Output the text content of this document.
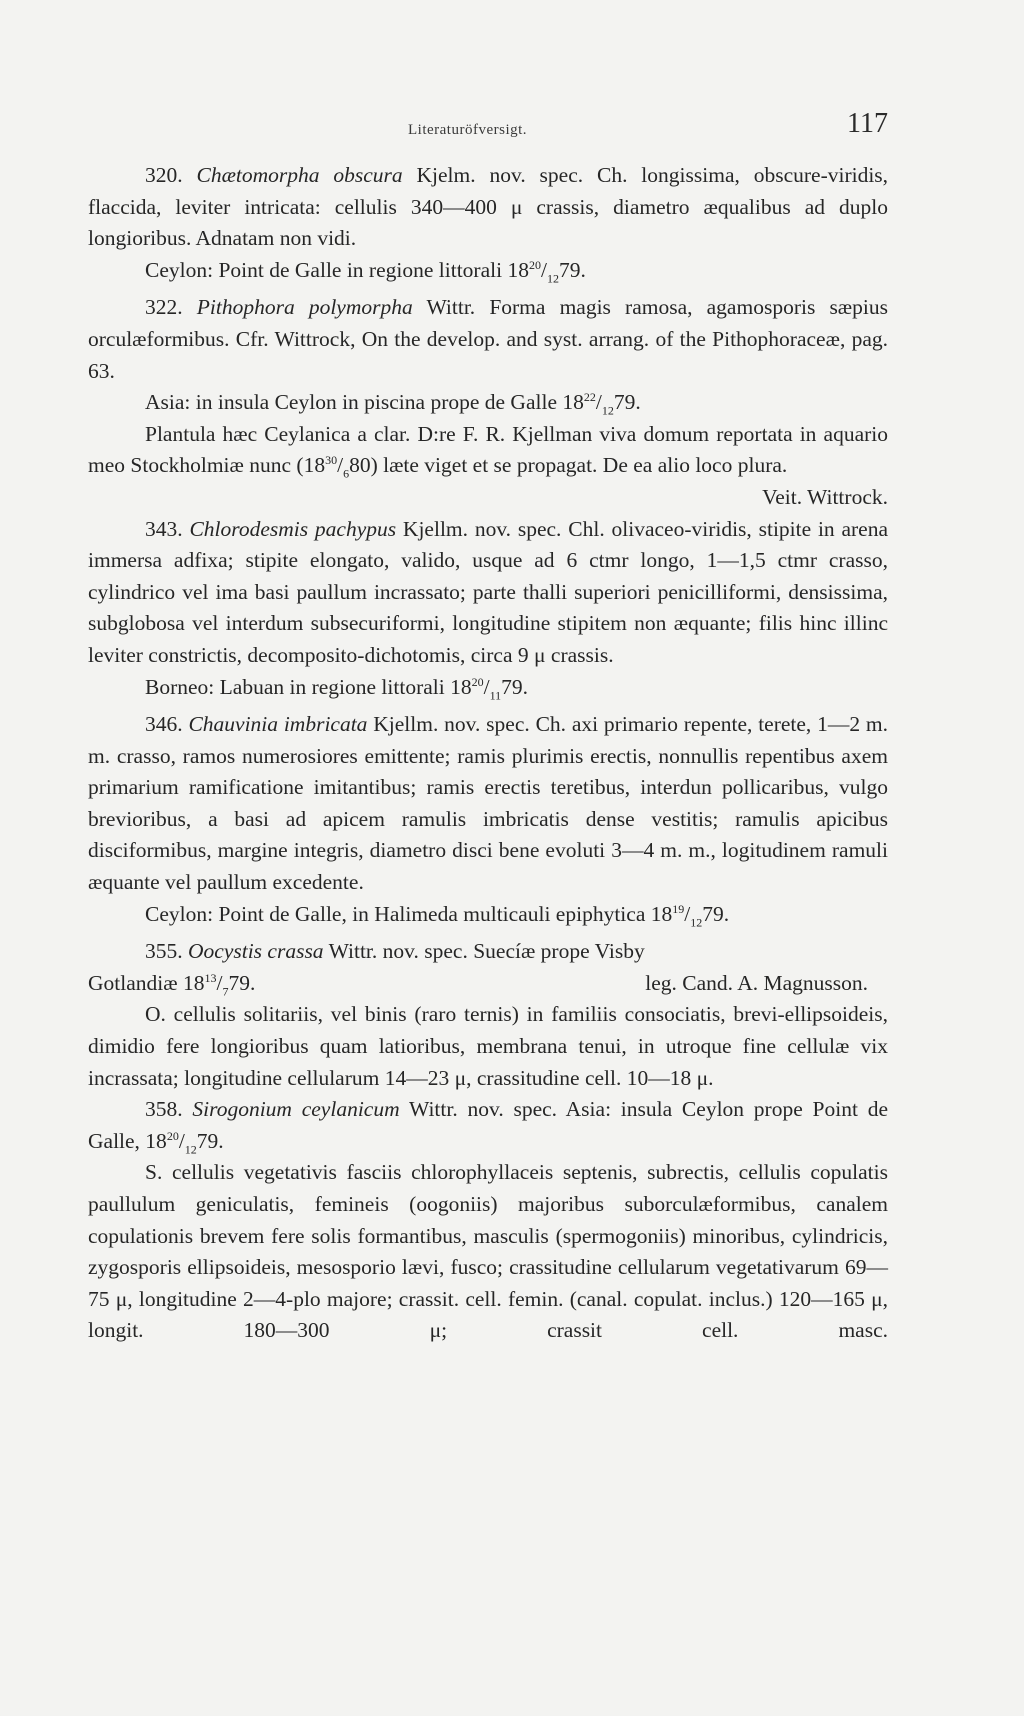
Literaturöfversigt.	117

320. Chætomorpha obscura Kjelm. nov. spec. Ch. longissima, obscure-viridis, flaccida, leviter intricata: cellulis 340—400 μ crassis, diametro æqualibus ad duplo longioribus. Adnatam non vidi.

Ceylon: Point de Galle in regione littorali $18^{20}/_{12}79$.

322. Pithophora polymorpha Wittr. Forma magis ramosa, agamosporis sæpius orculæformibus. Cfr. Wittrock, On the develop. and syst. arrang. of the Pithophoraceæ, pag. 63.

Asia: in insula Ceylon in piscina prope de Galle $18^{22}/_{12}79$.

Plantula hæc Ceylanica a clar. D:re F. R. Kjellman viva domum reportata in aquario meo Stockholmiæ nunc $(18^{30}/_680)$ læte viget et se propagat. De ea alio loco plura.
Veit. Wittrock.

343. Chlorodesmis pachypus Kjellm. nov. spec. Chl. olivaceo-viridis, stipite in arena immersa adfixa; stipite elongato, valido, usque ad 6 ctmr longo, 1—1,5 ctmr crasso, cylindrico vel ima basi paullum incrassato; parte thalli superiori penicilliformi, densissima, subglobosa vel interdum subsecuriformi, longitudine stipitem non æquante; filis hinc illinc leviter constrictis, decomposito-dichotomis, circa 9 μ crassis.

Borneo: Labuan in regione littorali $18^{20}/_{11}79$.

346. Chauvinia imbricata Kjellm. nov. spec. Ch. axi primario repente, terete, 1—2 m. m. crasso, ramos numerosiores emittente; ramis plurimis erectis, nonnullis repentibus axem primarium ramificatione imitantibus; ramis erectis teretibus, interdun pollicaribus, vulgo brevioribus, a basi ad apicem ramulis imbricatis dense vestitis; ramulis apicibus disciformibus, margine integris, diametro disci bene evoluti 3—4 m. m., logitudinem ramuli æquante vel paullum excedente.

Ceylon: Point de Galle, in Halimeda multicauli epiphytica $18^{19}/_{12}79$.

355. Oocystis crassa Wittr. nov. spec. Suecíæ prope Visby

Gotlandiæ $18^{13}/_779$.	leg. Cand. A. Magnusson.

O. cellulis solitariis, vel binis (raro ternis) in familiis consociatis, brevi-ellipsoideis, dimidio fere longioribus quam latioribus, membrana tenui, in utroque fine cellulæ vix incrassata; longitudine cellularum 14—23 μ, crassitudine cell. 10—18 μ.

358. Sirogonium ceylanicum Wittr. nov. spec. Asia: insula Ceylon prope Point de Galle, $18^{20}/_{12}79$.

S. cellulis vegetativis fasciis chlorophyllaceis septenis, subrectis, cellulis copulatis paullulum geniculatis, femineis (oogoniis) majoribus suborculæformibus, canalem copulationis brevem fere solis formantibus, masculis (spermogoniis) minoribus, cylindricis, zygosporis ellipsoideis, mesosporio lævi, fusco; crassitudine cellularum vegetativarum 69—75 μ, longitudine 2—4-plo majore; crassit. cell. femin. (canal. copulat. inclus.) 120—165 μ, longit. 180—300 μ; crassit cell. masc.
